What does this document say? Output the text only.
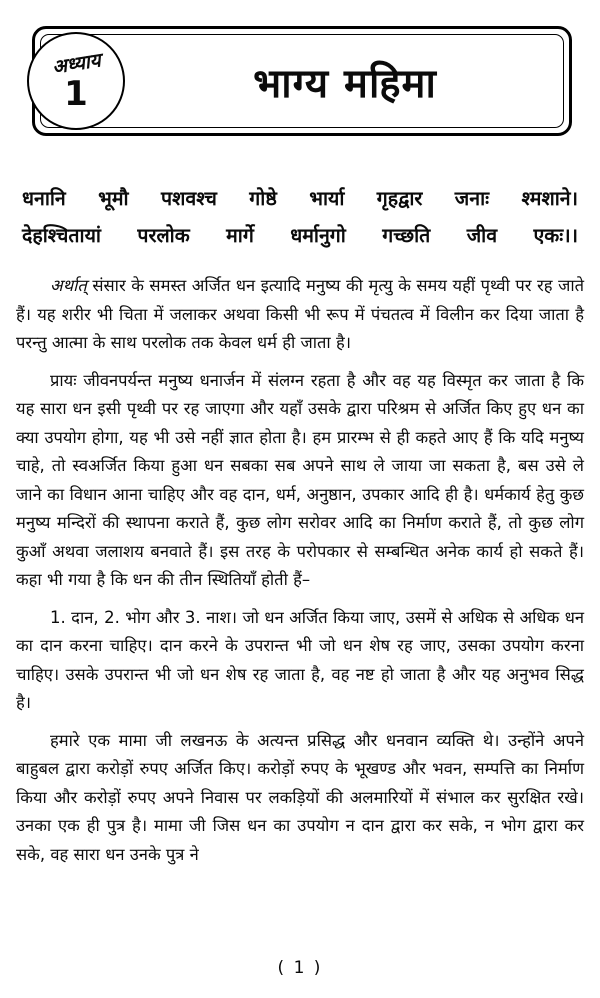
अध्याय
1	भाग्य महिमा
धनानि भूमौ पशवश्च गोष्ठे भार्या गृहद्वार जनाः श्मशाने।
देहश्चितायां परलोक मार्गे धर्मानुगो गच्छति जीव एकः।।

अर्थात् संसार के समस्त अर्जित धन इत्यादि मनुष्य की मृत्यु के समय यहीं पृथ्वी पर रह जाते हैं। यह शरीर भी चिता में जलाकर अथवा किसी भी रूप में पंचतत्व में विलीन कर दिया जाता है परन्तु आत्मा के साथ परलोक तक केवल धर्म ही जाता है।

प्रायः जीवनपर्यन्त मनुष्य धनार्जन में संलग्न रहता है और वह यह विस्मृत कर जाता है कि यह सारा धन इसी पृथ्वी पर रह जाएगा और यहाँ उसके द्वारा परिश्रम से अर्जित किए हुए धन का क्या उपयोग होगा, यह भी उसे नहीं ज्ञात होता है। हम प्रारम्भ से ही कहते आए हैं कि यदि मनुष्य चाहे, तो स्वअर्जित किया हुआ धन सबका सब अपने साथ ले जाया जा सकता है, बस उसे ले जाने का विधान आना चाहिए और वह दान, धर्म, अनुष्ठान, उपकार आदि ही है। धर्मकार्य हेतु कुछ मनुष्य मन्दिरों की स्थापना कराते हैं, कुछ लोग सरोवर आदि का निर्माण कराते हैं, तो कुछ लोग कुआँ अथवा जलाशय बनवाते हैं। इस तरह के परोपकार से सम्बन्धित अनेक कार्य हो सकते हैं। कहा भी गया है कि धन की तीन स्थितियाँ होती हैं–

1. दान, 2. भोग और 3. नाश। जो धन अर्जित किया जाए, उसमें से अधिक से अधिक धन का दान करना चाहिए। दान करने के उपरान्त भी जो धन शेष रह जाए, उसका उपयोग करना चाहिए। उसके उपरान्त भी जो धन शेष रह जाता है, वह नष्ट हो जाता है और यह अनुभव सिद्ध है।

हमारे एक मामा जी लखनऊ के अत्यन्त प्रसिद्ध और धनवान व्यक्ति थे। उन्होंने अपने बाहुबल द्वारा करोड़ों रुपए अर्जित किए। करोड़ों रुपए के भूखण्ड और भवन, सम्पत्ति का निर्माण किया और करोड़ों रुपए अपने निवास पर लकड़ियों की अलमारियों में संभाल कर सुरक्षित रखे। उनका एक ही पुत्र है। मामा जी जिस धन का उपयोग न दान द्वारा कर सके, न भोग द्वारा कर सके, वह सारा धन उनके पुत्र ने

( 1 )
